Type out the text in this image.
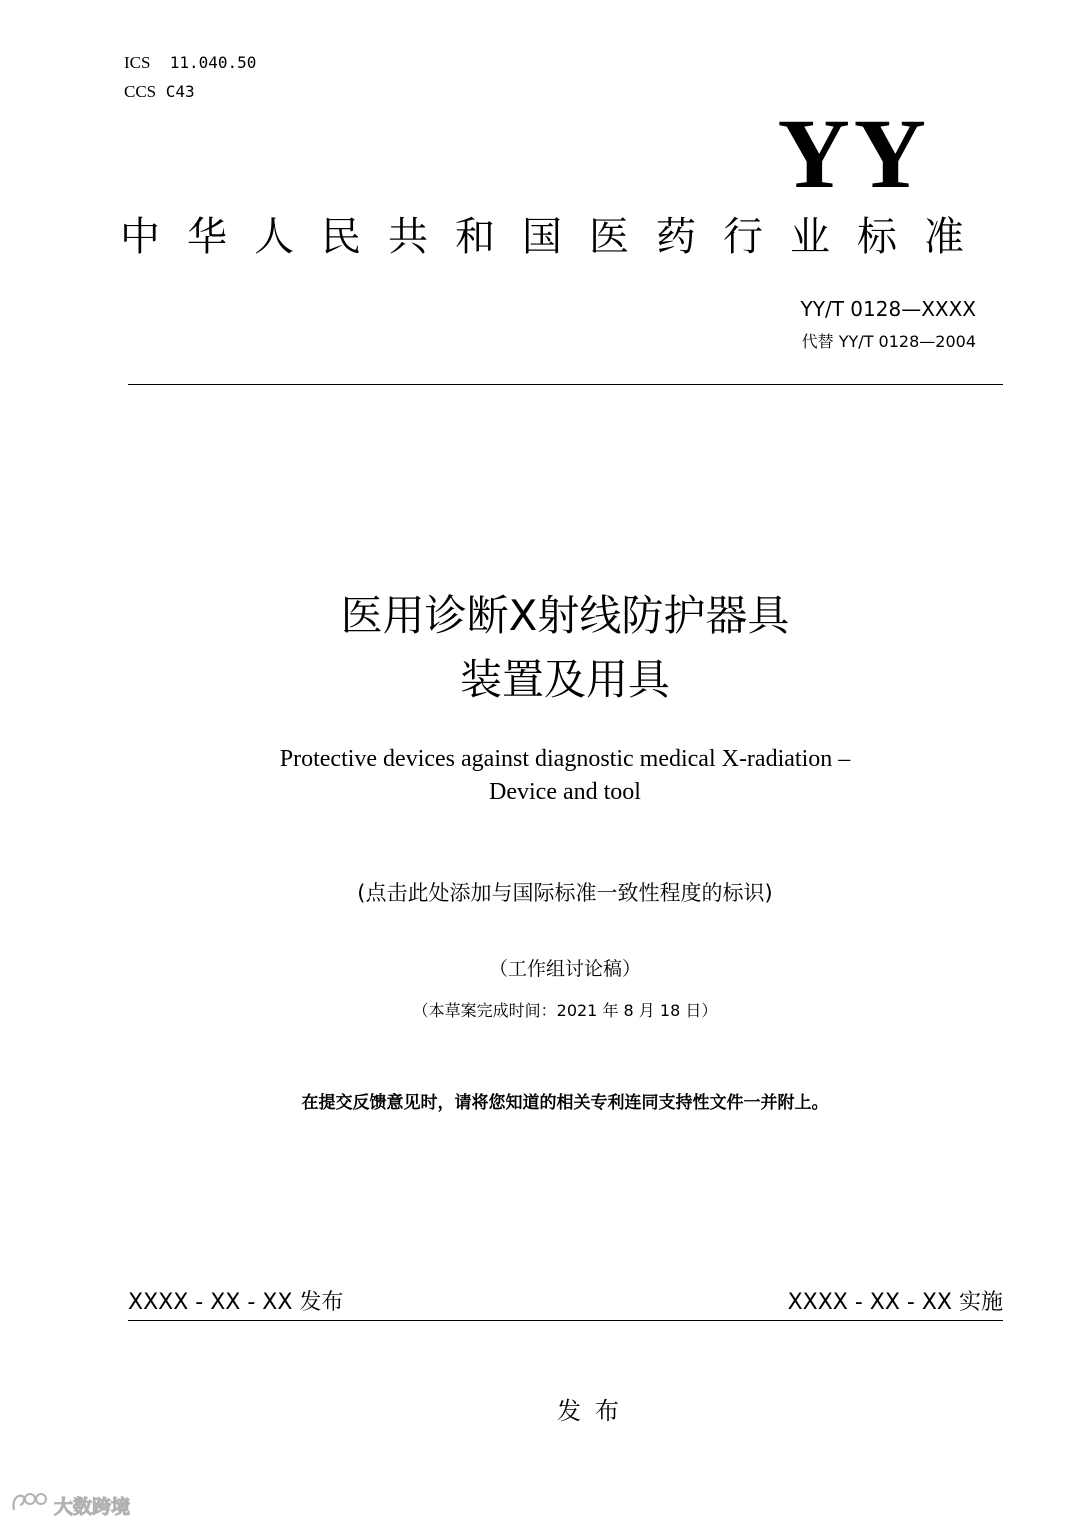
ICS 11.040.50
CCS C43
YY
中华人民共和国医药行业标准
YY/T 0128—XXXX
代替 YY/T 0128—2004
医用诊断X射线防护器具
装置及用具
Protective devices against diagnostic medical X-radiation –
Device and tool
(点击此处添加与国际标准一致性程度的标识)
（工作组讨论稿）
（本草案完成时间：2021 年 8 月 18 日）
在提交反馈意见时，请将您知道的相关专利连同支持性文件一并附上。
XXXX - XX - XX 发布	XXXX - XX - XX 实施
发布
大数跨境
